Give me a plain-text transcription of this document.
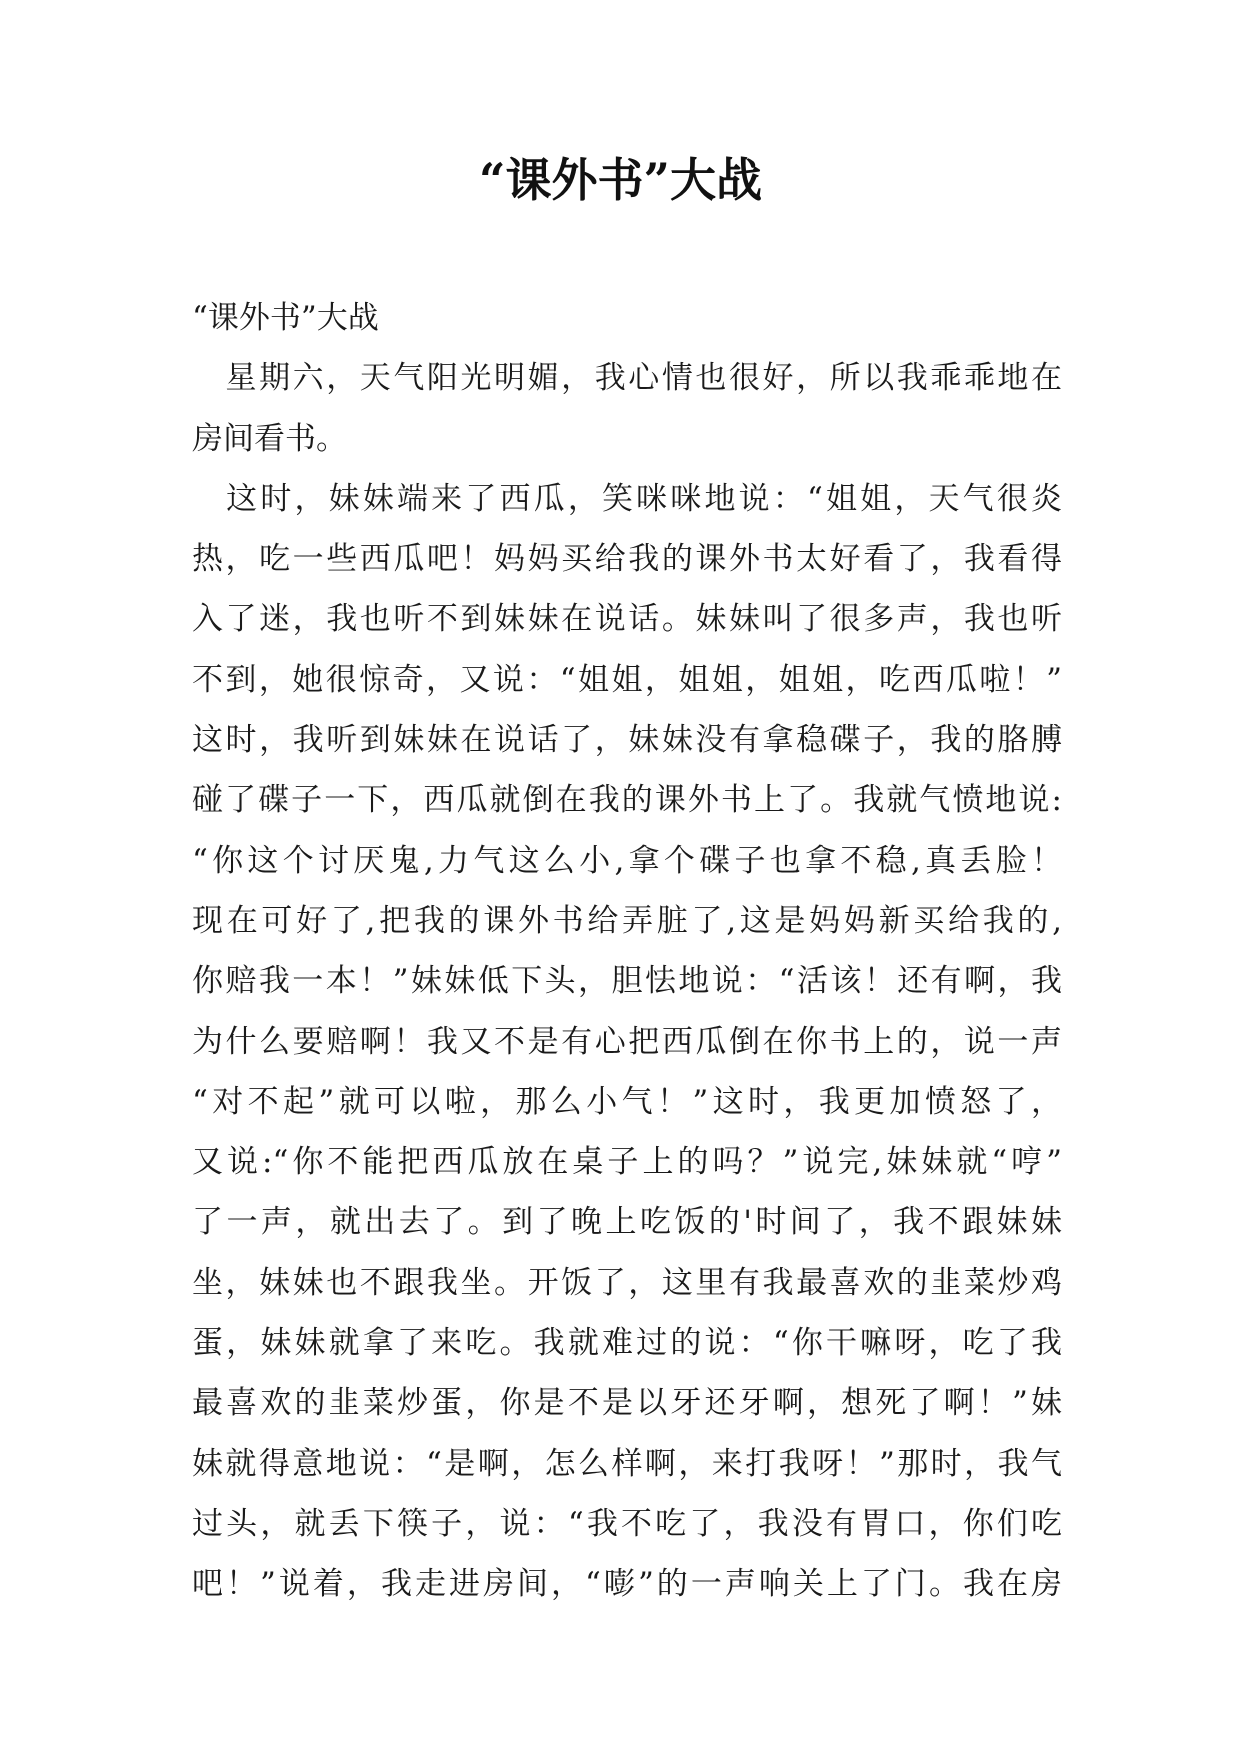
“课外书”大战
“课外书”大战
　星期六，天气阳光明媚，我心情也很好，所以我乖乖地在
房间看书。
　这时，妹妹端来了西瓜，笑咪咪地说：“姐姐，天气很炎
热，吃一些西瓜吧！妈妈买给我的课外书太好看了，我看得
入了迷，我也听不到妹妹在说话。妹妹叫了很多声，我也听
不到，她很惊奇，又说：“姐姐，姐姐，姐姐，吃西瓜啦！”
这时，我听到妹妹在说话了，妹妹没有拿稳碟子，我的胳膊
碰了碟子一下，西瓜就倒在我的课外书上了。我就气愤地说:
“你这个讨厌鬼,力气这么小,拿个碟子也拿不稳,真丢脸！
现在可好了,把我的课外书给弄脏了,这是妈妈新买给我的,
你赔我一本！”妹妹低下头，胆怯地说：“活该！还有啊，我
为什么要赔啊！我又不是有心把西瓜倒在你书上的，说一声
“对不起”就可以啦，那么小气！”这时，我更加愤怒了，
又说:“你不能把西瓜放在桌子上的吗？”说完,妹妹就“哼”
了一声，就出去了。到了晚上吃饭的'时间了，我不跟妹妹
坐，妹妹也不跟我坐。开饭了，这里有我最喜欢的韭菜炒鸡
蛋，妹妹就拿了来吃。我就难过的说：“你干嘛呀，吃了我
最喜欢的韭菜炒蛋，你是不是以牙还牙啊，想死了啊！”妹
妹就得意地说：“是啊，怎么样啊，来打我呀！”那时，我气
过头，就丢下筷子，说：“我不吃了，我没有胃口，你们吃
吧！”说着，我走进房间，“嘭”的一声响关上了门。我在房
